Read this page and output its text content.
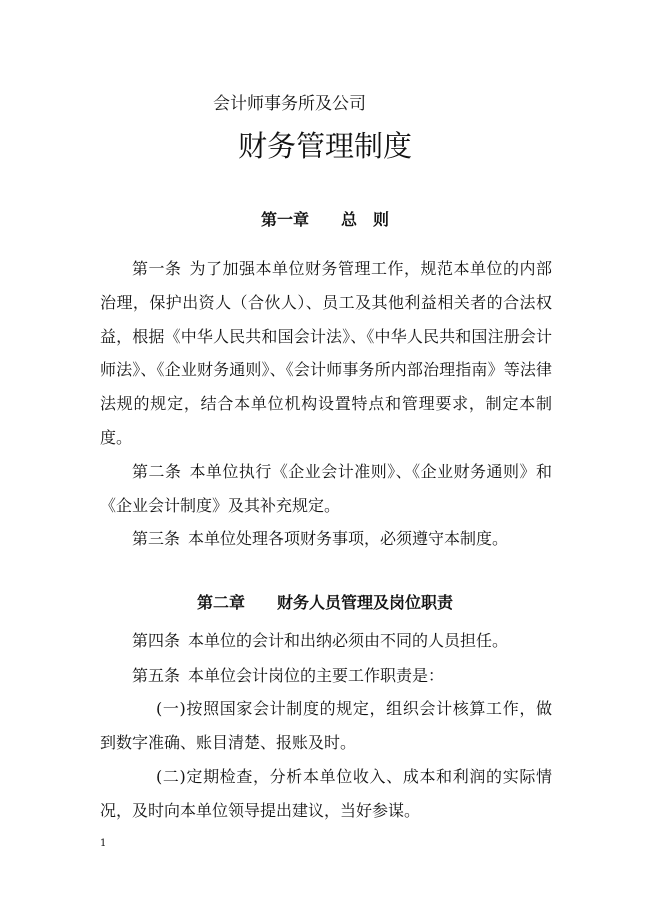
会计师事务所及公司
财务管理制度
第一章　　总　则

第一条 为了加强本单位财务管理工作，规范本单位的内部治理，保护出资人（合伙人）、员工及其他利益相关者的合法权益，根据《中华人民共和国会计法》、《中华人民共和国注册会计师法》、《企业财务通则》、《会计师事务所内部治理指南》等法律法规的规定，结合本单位机构设置特点和管理要求，制定本制度。

第二条 本单位执行《企业会计准则》、《企业财务通则》和《企业会计制度》及其补充规定。

第三条 本单位处理各项财务事项，必须遵守本制度。

第二章　　财务人员管理及岗位职责

第四条 本单位的会计和出纳必须由不同的人员担任。

第五条 本单位会计岗位的主要工作职责是：

(一)按照国家会计制度的规定，组织会计核算工作，做到数字准确、账目清楚、报账及时。

(二)定期检查，分析本单位收入、成本和利润的实际情况，及时向本单位领导提出建议，当好参谋。

1
